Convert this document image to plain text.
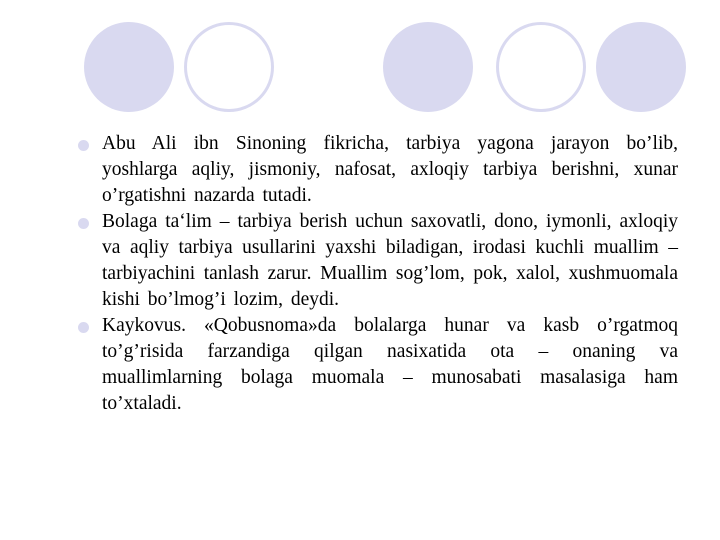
Abu Ali ibn Sinoning fikricha, tarbiya yagona jarayon bo’lib, yoshlarga aqliy, jismoniy, nafosat, axloqiy tarbiya berishni, xunar o’rgatishni nazarda tutadi.
Bolaga ta‘lim – tarbiya berish uchun saxovatli, dono, iymonli, axloqiy va aqliy tarbiya usullarini yaxshi biladigan, irodasi kuchli muallim – tarbiyachini tanlash zarur. Muallim sog’lom, pok, xalol, xushmuomala kishi bo’lmog’i lozim, deydi.
Kaykovus. «Qobusnoma»da bolalarga hunar va kasb o’rgatmoq to’g’risida farzandiga qilgan nasixatida ota – onaning va muallimlarning bolaga muomala – munosabati masalasiga ham to’xtaladi.
